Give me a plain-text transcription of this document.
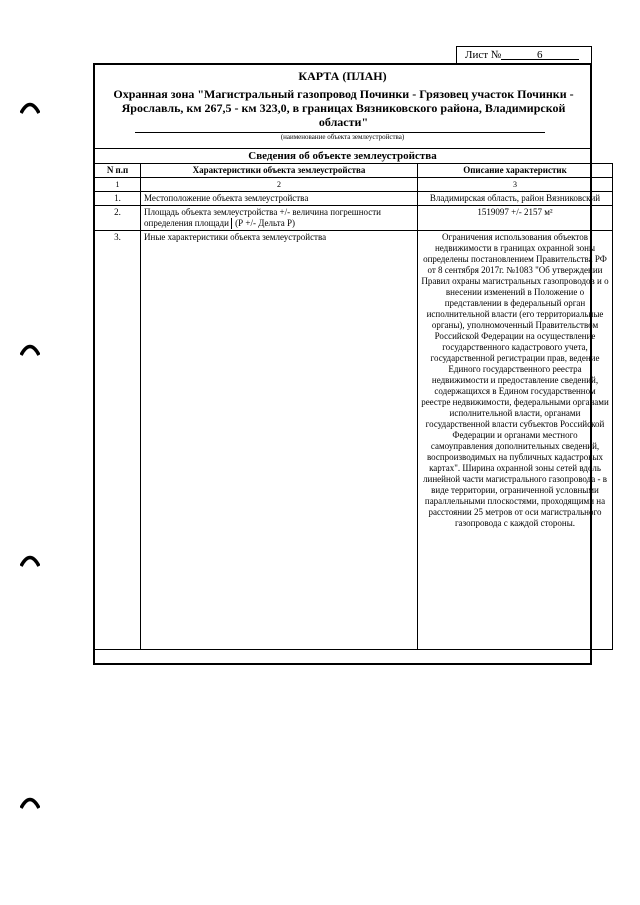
Лист №	6
КАРТА (ПЛАН)
Охранная зона "Магистральный газопровод Починки - Грязовец участок Починки - Ярославль, км 267,5 - км 323,0, в границах Вязниковского района, Владимирской области"
(наименование объекта землеустройства)
Сведения об объекте землеустройства
N п.п	Характеристики объекта землеустройства	Описание характеристик
1	2	3
1.	Местоположение объекта землеустройства	Владимирская область, район Вязниковский
2.	Площадь объекта землеустройства +/- величина погрешности определения площади (Р +/- Дельта Р)	1519097 +/- 2157 м²
3.	Иные характеристики объекта землеустройства	Ограничения использования объектов недвижимости в границах охранной зоны определены постановлением Правительства РФ от 8 сентября 2017г. №1083 "Об утверждении Правил охраны магистральных газопроводов и о внесении изменений в Положение о представлении в федеральный орган исполнительной власти (его территориальные органы), уполномоченный Правительством Российской Федерации на осуществление государственного кадастрового учета, государственной регистрации прав, ведение Единого государственного реестра недвижимости и предоставление сведений, содержащихся в Едином государственном реестре недвижимости, федеральными органами исполнительной власти, органами государственной власти субъектов Российской Федерации и органами местного самоуправления дополнительных сведений, воспроизводимых на публичных кадастровых картах". Ширина охранной зоны сетей вдоль линейной части магистрального газопровода - в виде территории, ограниченной условными параллельными плоскостями, проходящими на расстоянии 25 метров от оси магистрального газопровода с каждой стороны.
